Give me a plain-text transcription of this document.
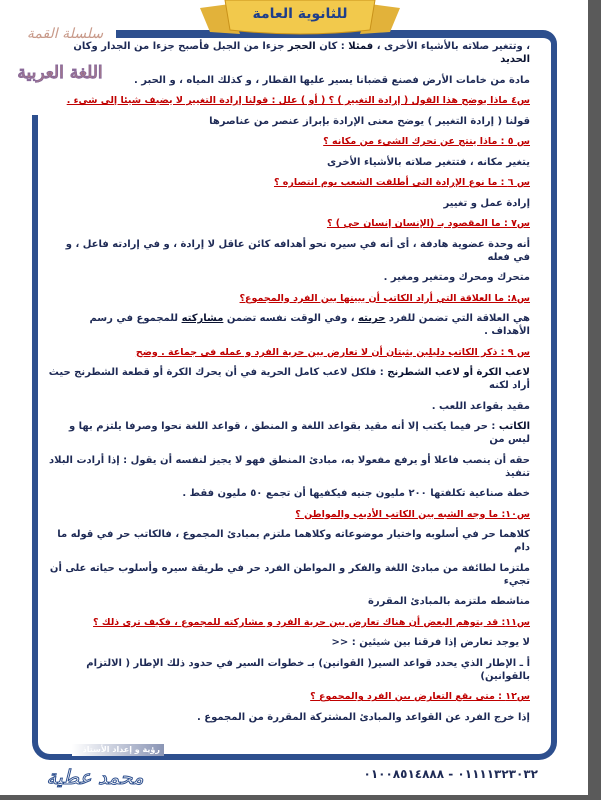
للثانوية العامة
سلسلة القمة
اللغة العربية
، وتتغير صلاته بالأشياء الأخرى ، فمثلا : كان الحجر جزءا من الجبل فأصبح جزءا من الجدار وكان الحديد
مادة من خامات الأرض فصنع قضبانا يسير عليها القطار ، و كذلك المياه ، و الحبر .
س٤ ماذا يوضح هذا القول ( إرادة التغيير ) ؟ ( أو ) علل : قولنا إرادة التغيير لا يضيف شيئا إلى شيء .
قولنا ( إرادة التغيير ) يوضح معنى الإرادة بإبراز عنصر من عناصرها
س ٥ : ماذا ينتج عن تحرك الشيء من مكانه ؟
يتغير مكانه ، فتتغير صلاته بالأشياء الأخرى
س ٦ : ما نوع الإرادة التي أطلقت الشعب يوم انتصاره ؟
إرادة عمل و تغيير
س٧ : ما المقصود بـ (الإنسان إنسان حي ) ؟
أنه وحدة عضوية هادفة ، أى أنه في سيره نحو أهدافه كائن عاقل لا إرادة ، و في إرادته فاعل ، و في فعله
متحرك ومحرك ومتغير ومغير .
س٨: ما العلاقة التي أراد الكاتب أن يبينها بين الفرد والمجموع؟
هي العلاقة التي تضمن للفرد حريته ، وفي الوقت نفسه تضمن مشاركته للمجموع في رسم الأهداف .
س ٩ : ذكر الكاتب دليلين يثبتان أن لا تعارض بين حرية الفرد و عمله في جماعة . وضح
لاعب الكرة أو لاعب الشطرنج : فلكل لاعب كامل الحرية في أن يحرك الكرة أو قطعة الشطرنج حيث أراد لكنه
مقيد بقواعد اللعب .
الكاتب : حر فيما يكتب إلا أنه مقيد بقواعد اللغة و المنطق ، قواعد اللغة نحوا وصرفا يلتزم بها و ليس من
حقه أن ينصب فاعلا أو يرفع مفعولا به، مبادئ المنطق فهو لا يجيز لنفسه أن يقول : إذا أرادت البلاد تنفيذ
خطة صناعية تكلفتها ٢٠٠ مليون جنيه فيكفيها أن تجمع ٥٠ مليون فقط .
س١٠: ما وجه الشبه بين الكاتب الأديب والمواطن ؟
كلاهما حر في أسلوبه واختيار موضوعاته وكلاهما ملتزم بمبادئ المجموع ، فالكاتب حر في قوله ما دام
ملتزما لطائفة من مبادئ اللغة والفكر و المواطن الفرد حر في طريقة سيره وأسلوب حياته على أن تجيء
مناشطه ملتزمة بالمبادئ المقررة
س١١: قد يتوهم البعض أن هناك تعارض بين حرية الفرد و مشاركته للمجموع ، فكيف ترى ذلك ؟
لا يوجد تعارض إذا فرقنا بين شيئين : <<
أ ـ الإطار الذي يحدد قواعد السير( القوانين) بـ خطوات السير في حدود ذلك الإطار ( الالتزام بالقوانين)
س١٢ : متى يقع التعارض بين الفرد والمجموع ؟
إذا خرج الفرد عن القواعد والمبادئ المشتركة المقررة من المجموع .
رؤية و إعداد الأستاذ
محمد عطية	٠١١١١٣٢٣٠٣٢ - ٠١٠٠٨٥١٤٨٨٨
